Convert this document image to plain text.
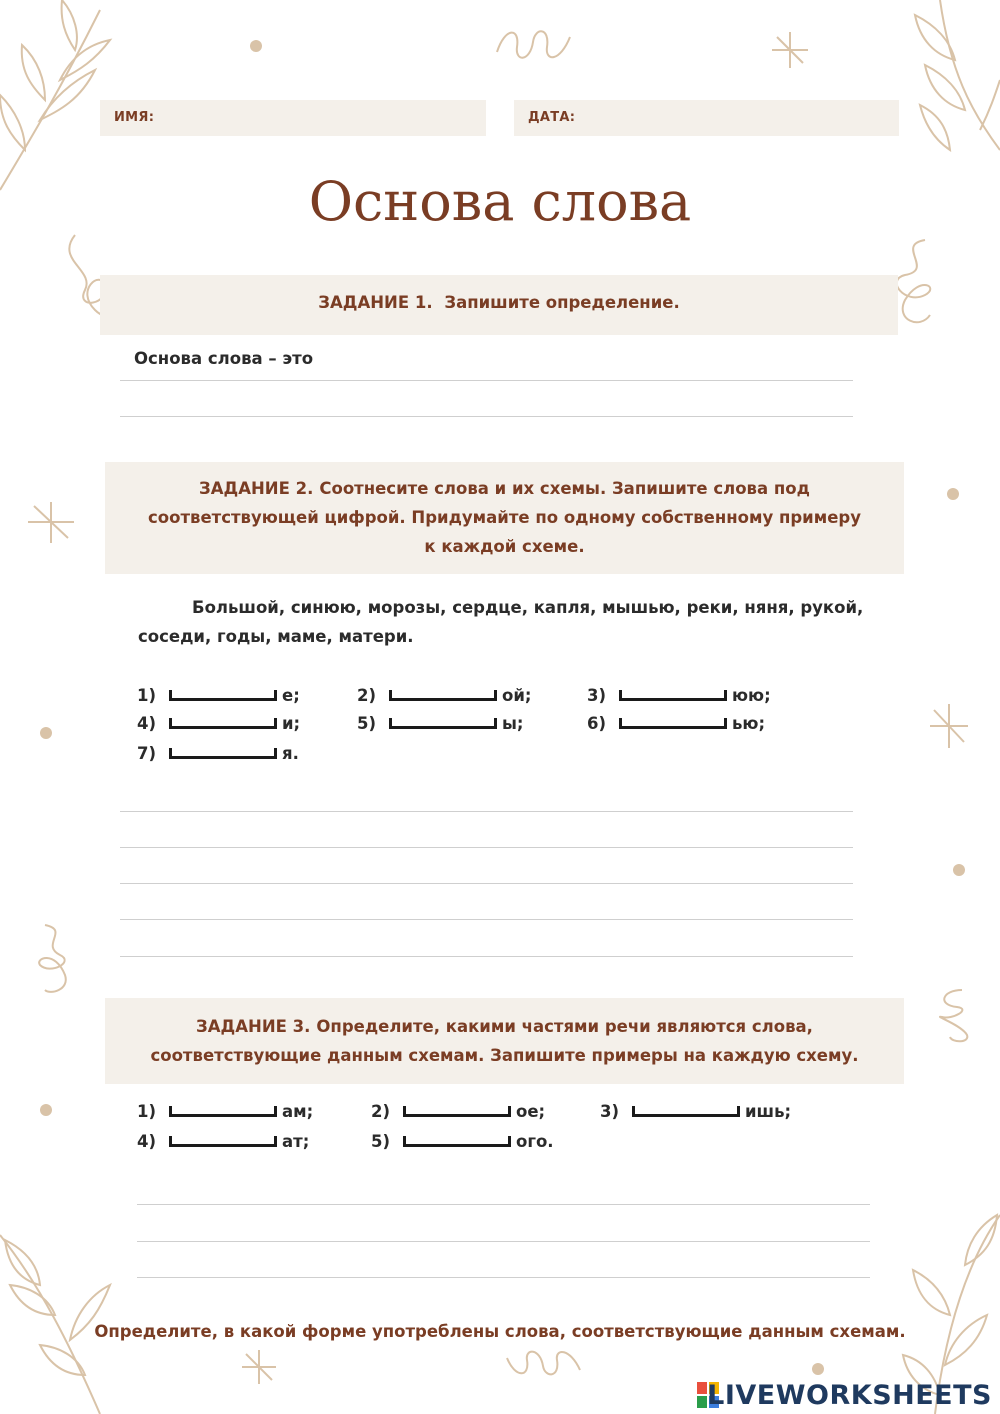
ИМЯ:	ДАТА:
Основа слова
ЗАДАНИЕ 1. Запишите определение.
Основа слова – это
ЗАДАНИЕ 2. Соотнесите слова и их схемы. Запишите слова под
соответствующей цифрой. Придумайте по одному собственному примеру
к каждой схеме.
Большой, синюю, морозы, сердце, капля, мышью, реки, няня, рукой,
соседи, годы, маме, матери.
1)	е;	2)	ой;	3)	юю;
4)	и;	5)	ы;	6)	ью;
7)	я.
ЗАДАНИЕ 3. Определите, какими частями речи являются слова,
соответствующие данным схемам. Запишите примеры на каждую схему.
1)	ам;	2)	ое;	3)	ишь;
4)	ат;	5)	ого.
Определите, в какой форме употреблены слова, соответствующие данным схемам.
LIVEWORKSHEETS
